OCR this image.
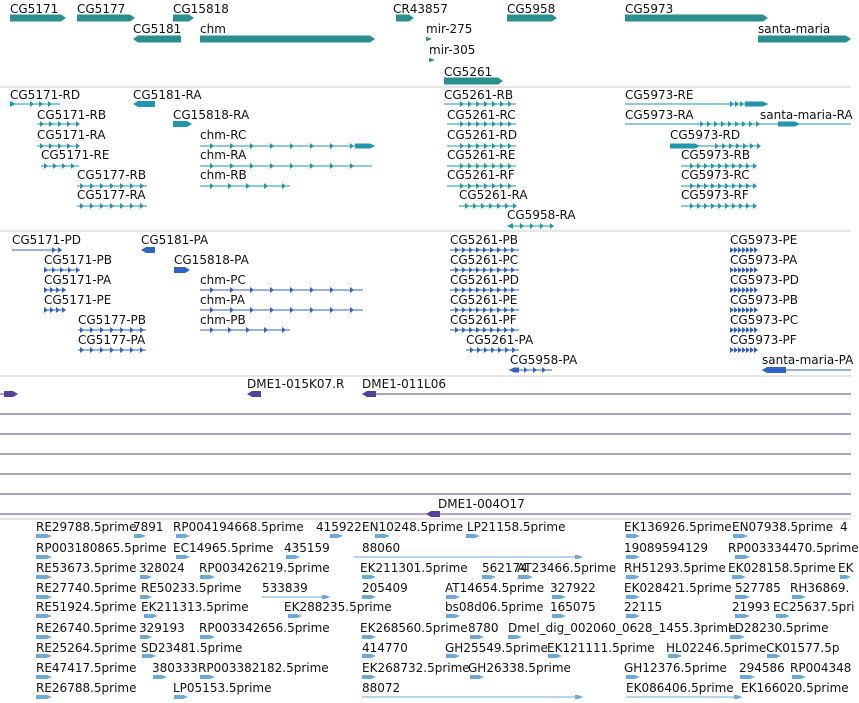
CG5171 CG5177	CG15818	CR43857	CG5958	CG5973
CG5181 chm	mir-275	santa-maria
mir-305
CG5261
CG5171-RD	CG5181-RA	CG5261-RB	CG5973-RE
CG5171-RB	CG15818-RA	CG5261-RC	CG5973-RA	santa-maria-RA
CG5171-RA	chm-RC	CG5261-RD	CG5973-RD
CG5171-RE	chm-RA	CG5261-RE	CG5973-RB
CG5177-RB	chm-RB	CG5261-RF	CG5973-RC
CG5177-RA	CG5261-RA	CG5973-RF
CG5958-RA
CG5171-PD	CG5181-PA	CG5261-PB	CG5973-PE
CG5171-PB	CG15818-PA	CG5261-PC	CG5973-PA
CG5171-PA	chm-PC	CG5261-PD	CG5973-PD
CG5171-PE	chm-PA	CG5261-PE	CG5973-PB
CG5177-PB	chm-PB	CG5261-PF	CG5973-PC
CG5177-PA	CG5261-PA	CG5973-PF
CG5958-PA	santa-maria-PA
DME1-015K07.R DME1-011L06
DME1-004O17
RE29788.5prime
7891 RP004194668.5prime 415922 EN10248.5prime LP21158.5prime	EK136926.5prime EN07938.5prime 4
RP003180865.5prime EC14965.5prime 435159	88060	19089594129 RP003334470.5prime
RE53673.5prime 328024 RP003426219.5prime	EK211301.5prime 562174
AT23466.5prime RH51293.5prime EK028158.5prime EK
RE27740.5prime RE50233.5prime 533839	205409	AT14654.5prime 327922 EK028421.5prime 527785 RH36869.
RE51924.5prime EK211313.5prime	EK288235.5prime	bs08d06.5prime 165075 22115	21993 EC25637.5pri
RE26740.5prime 329193 RP003342656.5prime	EK268560.5prime 8780 Dmel_dig_002060_0628_1455.3prime
LD28230.5prime
RE25264.5prime SD23481.5prime	414770	GH25549.5prime EK121111.5prime HL02246.5prime CK01577.5p
RE47417.5prime 380333 RP003382182.5prime	EK268732.5prime
GH26338.5prime	GH12376.5prime 294586 RP004348
RE26788.5prime	LP05153.5prime	88072	EK086406.5prime EK166020.5prime
